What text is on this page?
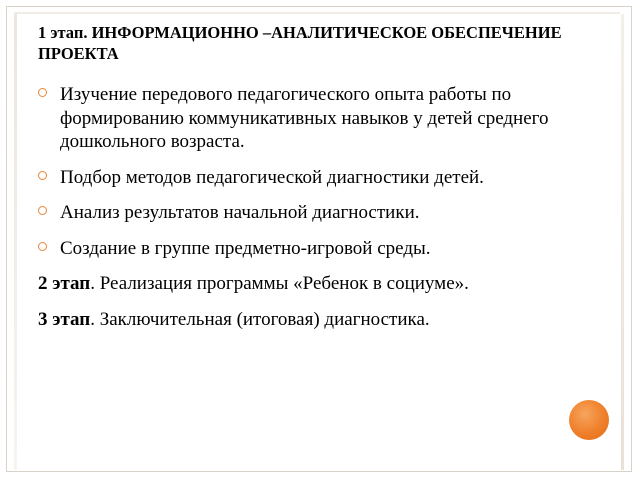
1 этап. ИНФОРМАЦИОННО –АНАЛИТИЧЕСКОЕ ОБЕСПЕЧЕНИЕ ПРОЕКТА
Изучение передового педагогического опыта работы по формированию коммуникативных навыков у детей среднего дошкольного возраста.
Подбор методов педагогической диагностики детей.
Анализ результатов начальной диагностики.
Создание в группе предметно-игровой среды.
2 этап. Реализация программы «Ребенок в социуме».
3 этап. Заключительная (итоговая) диагностика.
